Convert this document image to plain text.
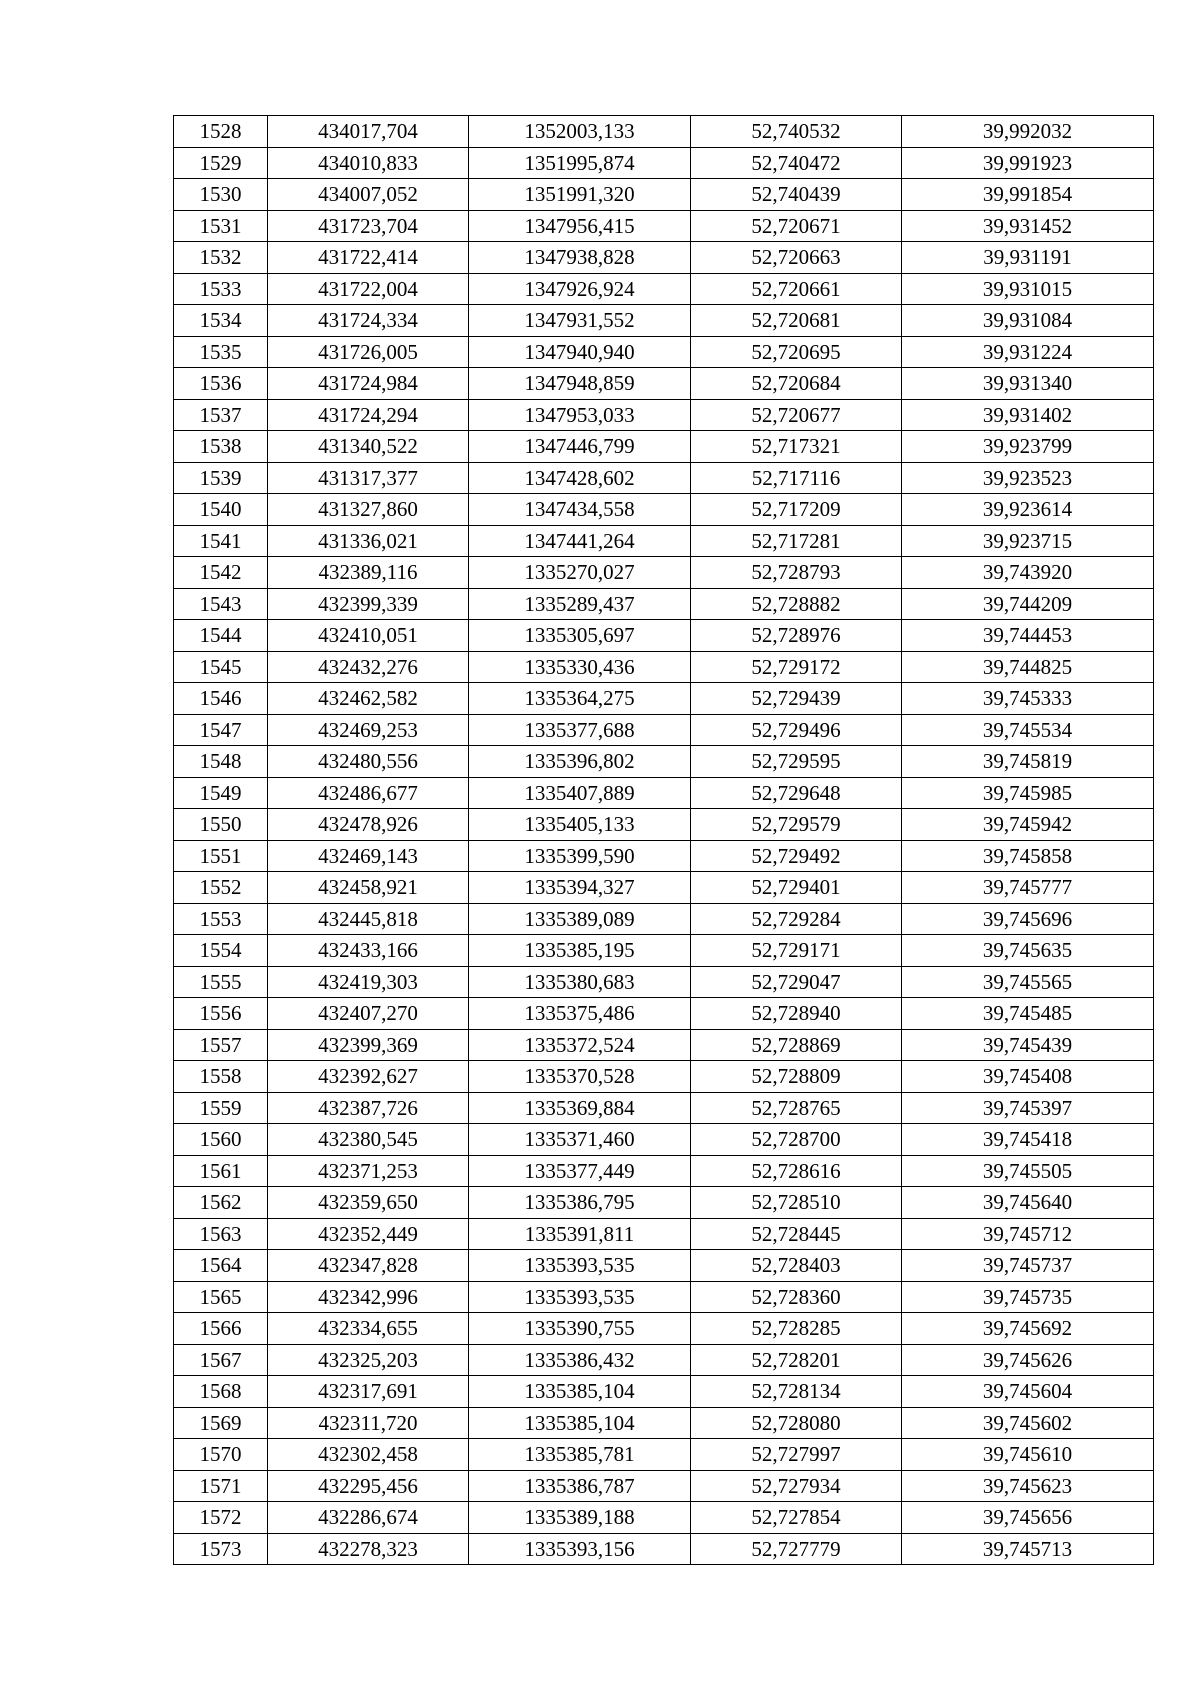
1528	434017,704	1352003,133	52,740532	39,992032
1529	434010,833	1351995,874	52,740472	39,991923
1530	434007,052	1351991,320	52,740439	39,991854
1531	431723,704	1347956,415	52,720671	39,931452
1532	431722,414	1347938,828	52,720663	39,931191
1533	431722,004	1347926,924	52,720661	39,931015
1534	431724,334	1347931,552	52,720681	39,931084
1535	431726,005	1347940,940	52,720695	39,931224
1536	431724,984	1347948,859	52,720684	39,931340
1537	431724,294	1347953,033	52,720677	39,931402
1538	431340,522	1347446,799	52,717321	39,923799
1539	431317,377	1347428,602	52,717116	39,923523
1540	431327,860	1347434,558	52,717209	39,923614
1541	431336,021	1347441,264	52,717281	39,923715
1542	432389,116	1335270,027	52,728793	39,743920
1543	432399,339	1335289,437	52,728882	39,744209
1544	432410,051	1335305,697	52,728976	39,744453
1545	432432,276	1335330,436	52,729172	39,744825
1546	432462,582	1335364,275	52,729439	39,745333
1547	432469,253	1335377,688	52,729496	39,745534
1548	432480,556	1335396,802	52,729595	39,745819
1549	432486,677	1335407,889	52,729648	39,745985
1550	432478,926	1335405,133	52,729579	39,745942
1551	432469,143	1335399,590	52,729492	39,745858
1552	432458,921	1335394,327	52,729401	39,745777
1553	432445,818	1335389,089	52,729284	39,745696
1554	432433,166	1335385,195	52,729171	39,745635
1555	432419,303	1335380,683	52,729047	39,745565
1556	432407,270	1335375,486	52,728940	39,745485
1557	432399,369	1335372,524	52,728869	39,745439
1558	432392,627	1335370,528	52,728809	39,745408
1559	432387,726	1335369,884	52,728765	39,745397
1560	432380,545	1335371,460	52,728700	39,745418
1561	432371,253	1335377,449	52,728616	39,745505
1562	432359,650	1335386,795	52,728510	39,745640
1563	432352,449	1335391,811	52,728445	39,745712
1564	432347,828	1335393,535	52,728403	39,745737
1565	432342,996	1335393,535	52,728360	39,745735
1566	432334,655	1335390,755	52,728285	39,745692
1567	432325,203	1335386,432	52,728201	39,745626
1568	432317,691	1335385,104	52,728134	39,745604
1569	432311,720	1335385,104	52,728080	39,745602
1570	432302,458	1335385,781	52,727997	39,745610
1571	432295,456	1335386,787	52,727934	39,745623
1572	432286,674	1335389,188	52,727854	39,745656
1573	432278,323	1335393,156	52,727779	39,745713
